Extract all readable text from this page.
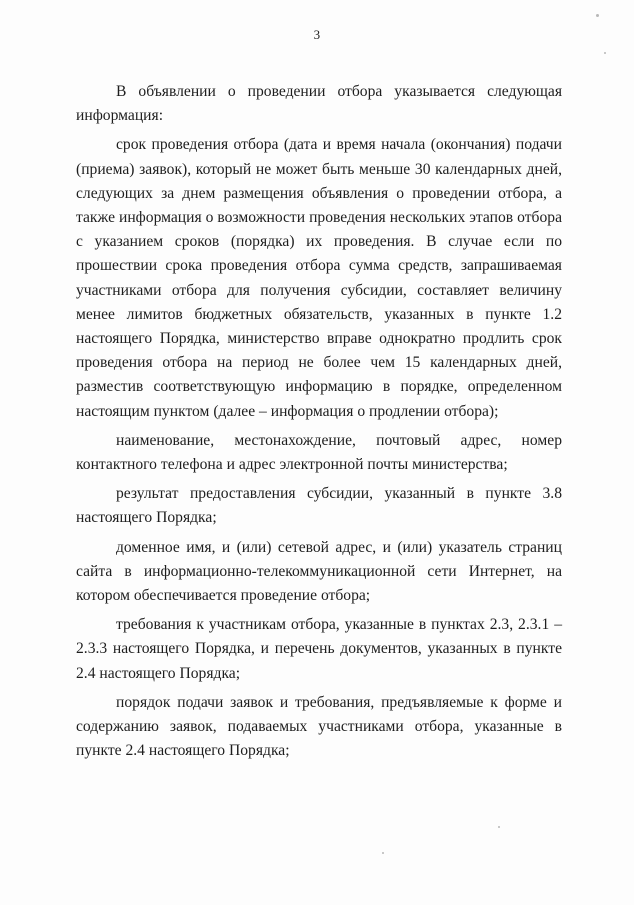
3

В объявлении о проведении отбора указывается следующая информация:

срок проведения отбора (дата и время начала (окончания) подачи (приема) заявок), который не может быть меньше 30 календарных дней, следующих за днем размещения объявления о проведении отбора, а также информация о возможности проведения нескольких этапов отбора с указанием сроков (порядка) их проведения. В случае если по прошествии срока проведения отбора сумма средств, запрашиваемая участниками отбора для получения субсидии, составляет величину менее лимитов бюджетных обязательств, указанных в пункте 1.2 настоящего Порядка, министерство вправе однократно продлить срок проведения отбора на период не более чем 15 календарных дней, разместив соответствующую информацию в порядке, определенном настоящим пунктом (далее – информация о продлении отбора);

наименование, местонахождение, почтовый адрес, номер контактного телефона и адрес электронной почты министерства;

результат предоставления субсидии, указанный в пункте 3.8 настоящего Порядка;

доменное имя, и (или) сетевой адрес, и (или) указатель страниц сайта в информационно-телекоммуникационной сети Интернет, на котором обеспечивается проведение отбора;

требования к участникам отбора, указанные в пунктах 2.3, 2.3.1 – 2.3.3 настоящего Порядка, и перечень документов, указанных в пункте 2.4 настоящего Порядка;

порядок подачи заявок и требования, предъявляемые к форме и содержанию заявок, подаваемых участниками отбора, указанные в пункте 2.4 настоящего Порядка;
